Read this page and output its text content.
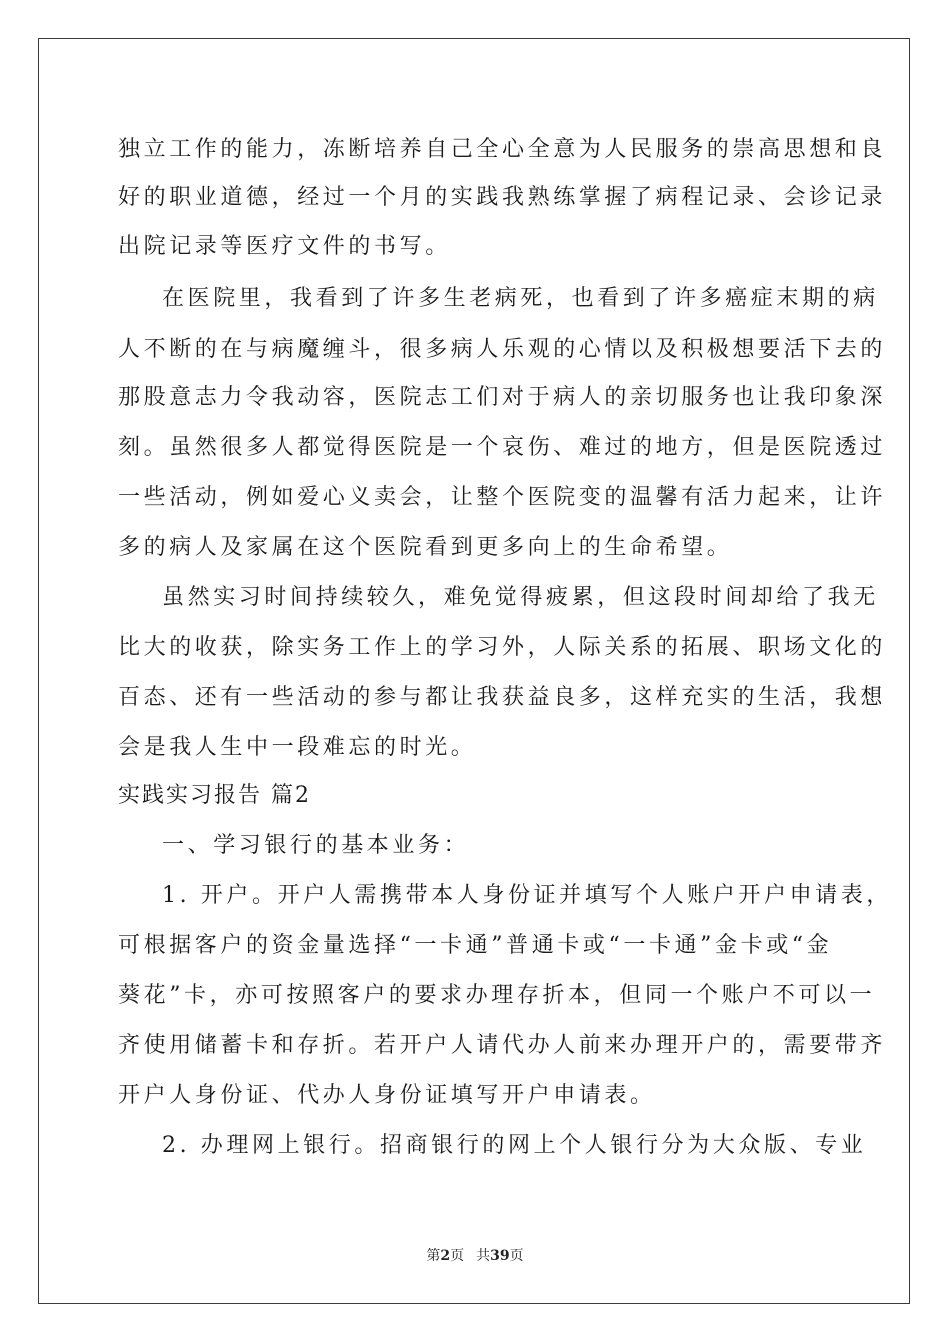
独立工作的能力，冻断培养自己全心全意为人民服务的崇高思想和良
好的职业道德，经过一个月的实践我熟练掌握了病程记录、会诊记录
出院记录等医疗文件的书写。
在医院里，我看到了许多生老病死，也看到了许多癌症末期的病
人不断的在与病魔缠斗，很多病人乐观的心情以及积极想要活下去的
那股意志力令我动容，医院志工们对于病人的亲切服务也让我印象深
刻。虽然很多人都觉得医院是一个哀伤、难过的地方，但是医院透过
一些活动，例如爱心义卖会，让整个医院变的温馨有活力起来，让许
多的病人及家属在这个医院看到更多向上的生命希望。
虽然实习时间持续较久，难免觉得疲累，但这段时间却给了我无
比大的收获，除实务工作上的学习外，人际关系的拓展、职场文化的
百态、还有一些活动的参与都让我获益良多，这样充实的生活，我想
会是我人生中一段难忘的时光。
实践实习报告 篇2
一、学习银行的基本业务：
1. 开户。开户人需携带本人身份证并填写个人账户开户申请表，
可根据客户的资金量选择“一卡通”普通卡或“一卡通”金卡或“金
葵花”卡，亦可按照客户的要求办理存折本，但同一个账户不可以一
齐使用储蓄卡和存折。若开户人请代办人前来办理开户的，需要带齐
开户人身份证、代办人身份证填写开户申请表。
2. 办理网上银行。招商银行的网上个人银行分为大众版、专业
第2页 共39页
